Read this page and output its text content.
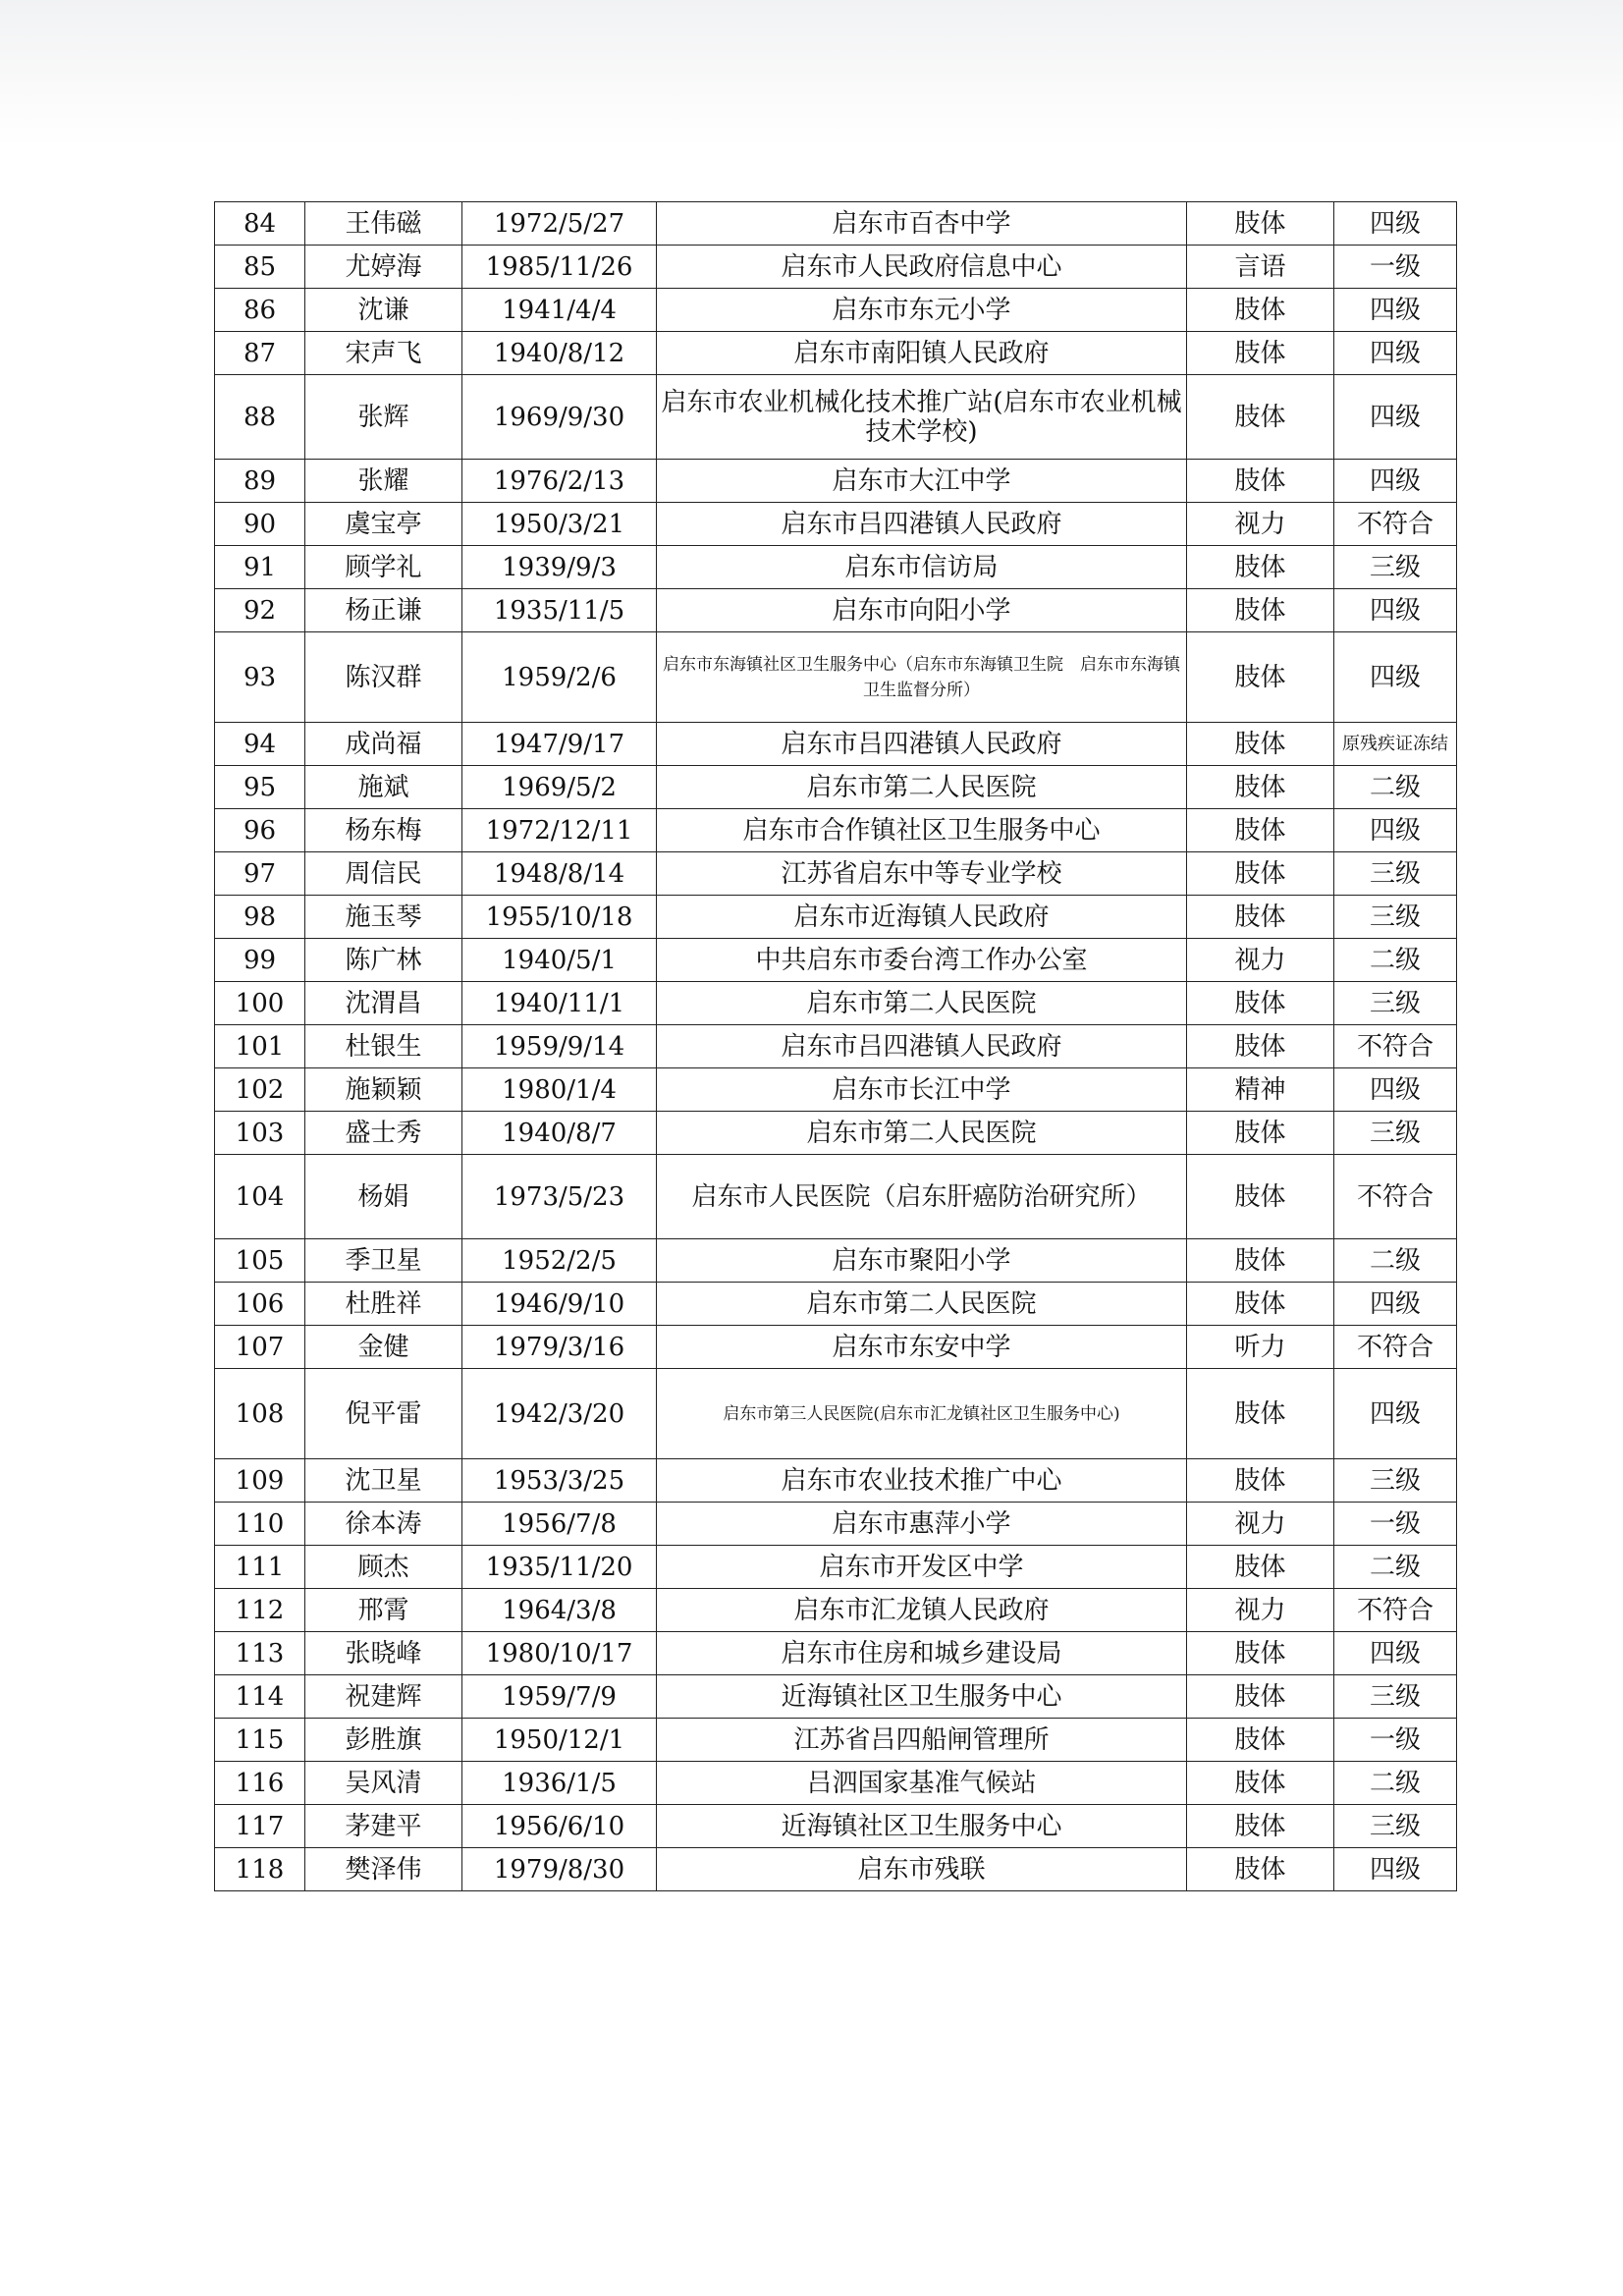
84	王伟磁	1972/5/27	启东市百杏中学	肢体	四级
85	尤婷海	1985/11/26	启东市人民政府信息中心	言语	一级
86	沈谦	1941/4/4	启东市东元小学	肢体	四级
87	宋声飞	1940/8/12	启东市南阳镇人民政府	肢体	四级
88	张辉	1969/9/30	启东市农业机械化技术推广站(启东市农业机械技术学校)	肢体	四级
89	张耀	1976/2/13	启东市大江中学	肢体	四级
90	虞宝亭	1950/3/21	启东市吕四港镇人民政府	视力	不符合
91	顾学礼	1939/9/3	启东市信访局	肢体	三级
92	杨正谦	1935/11/5	启东市向阳小学	肢体	四级
93	陈汉群	1959/2/6	启东市东海镇社区卫生服务中心（启东市东海镇卫生院　启东市东海镇卫生监督分所）	肢体	四级
94	成尚福	1947/9/17	启东市吕四港镇人民政府	肢体	原残疾证冻结
95	施斌	1969/5/2	启东市第二人民医院	肢体	二级
96	杨东梅	1972/12/11	启东市合作镇社区卫生服务中心	肢体	四级
97	周信民	1948/8/14	江苏省启东中等专业学校	肢体	三级
98	施玉琴	1955/10/18	启东市近海镇人民政府	肢体	三级
99	陈广林	1940/5/1	中共启东市委台湾工作办公室	视力	二级
100	沈渭昌	1940/11/1	启东市第二人民医院	肢体	三级
101	杜银生	1959/9/14	启东市吕四港镇人民政府	肢体	不符合
102	施颖颖	1980/1/4	启东市长江中学	精神	四级
103	盛士秀	1940/8/7	启东市第二人民医院	肢体	三级
104	杨娟	1973/5/23	启东市人民医院（启东肝癌防治研究所）	肢体	不符合
105	季卫星	1952/2/5	启东市聚阳小学	肢体	二级
106	杜胜祥	1946/9/10	启东市第二人民医院	肢体	四级
107	金健	1979/3/16	启东市东安中学	听力	不符合
108	倪平雷	1942/3/20	启东市第三人民医院(启东市汇龙镇社区卫生服务中心)	肢体	四级
109	沈卫星	1953/3/25	启东市农业技术推广中心	肢体	三级
110	徐本涛	1956/7/8	启东市惠萍小学	视力	一级
111	顾杰	1935/11/20	启东市开发区中学	肢体	二级
112	邢霄	1964/3/8	启东市汇龙镇人民政府	视力	不符合
113	张晓峰	1980/10/17	启东市住房和城乡建设局	肢体	四级
114	祝建辉	1959/7/9	近海镇社区卫生服务中心	肢体	三级
115	彭胜旗	1950/12/1	江苏省吕四船闸管理所	肢体	一级
116	吴风清	1936/1/5	吕泗国家基准气候站	肢体	二级
117	茅建平	1956/6/10	近海镇社区卫生服务中心	肢体	三级
118	樊泽伟	1979/8/30	启东市残联	肢体	四级
